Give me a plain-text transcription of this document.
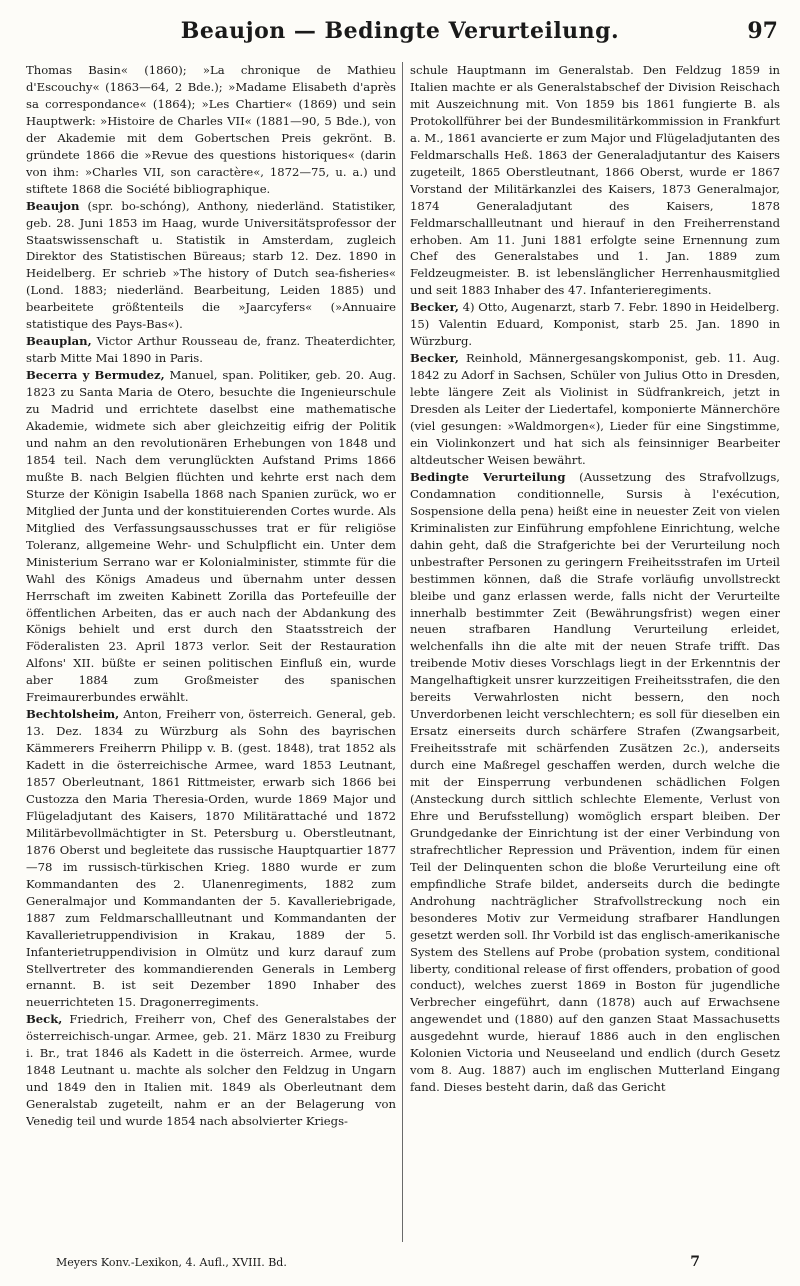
Beaujon — Bedingte Verurteilung.	97

Thomas Basin« (1860); »La chronique de Mathieu d'Escouchy« (1863—64, 2 Bde.); »Madame Elisabeth d'après sa correspondance« (1864); »Les Chartier« (1869) und sein Hauptwerk: »Histoire de Charles VII« (1881—90, 5 Bde.), von der Akademie mit dem Gobertschen Preis gekrönt. B. gründete 1866 die »Revue des questions historiques« (darin von ihm: »Charles VII, son caractère«, 1872—75, u. a.) und stiftete 1868 die Société bibliographique.

Beaujon (spr. bo-schóng), Anthony, niederländ. Statistiker, geb. 28. Juni 1853 im Haag, wurde Universitätsprofessor der Staatswissenschaft u. Statistik in Amsterdam, zugleich Direktor des Statistischen Büreaus; starb 12. Dez. 1890 in Heidelberg. Er schrieb »The history of Dutch sea-fisheries« (Lond. 1883; niederländ. Bearbeitung, Leiden 1885) und bearbeitete größtenteils die »Jaarcyfers« (»Annuaire statistique des Pays-Bas«).

Beauplan, Victor Arthur Rousseau de, franz. Theaterdichter, starb Mitte Mai 1890 in Paris.

Becerra y Bermudez, Manuel, span. Politiker, geb. 20. Aug. 1823 zu Santa Maria de Otero, besuchte die Ingenieurschule zu Madrid und errichtete daselbst eine mathematische Akademie, widmete sich aber gleichzeitig eifrig der Politik und nahm an den revolutionären Erhebungen von 1848 und 1854 teil. Nach dem verunglückten Aufstand Prims 1866 mußte B. nach Belgien flüchten und kehrte erst nach dem Sturze der Königin Isabella 1868 nach Spanien zurück, wo er Mitglied der Junta und der konstituierenden Cortes wurde. Als Mitglied des Verfassungsausschusses trat er für religiöse Toleranz, allgemeine Wehr- und Schulpflicht ein. Unter dem Ministerium Serrano war er Kolonialminister, stimmte für die Wahl des Königs Amadeus und übernahm unter dessen Herrschaft im zweiten Kabinett Zorilla das Portefeuille der öffentlichen Arbeiten, das er auch nach der Abdankung des Königs behielt und erst durch den Staatsstreich der Föderalisten 23. April 1873 verlor. Seit der Restauration Alfons' XII. büßte er seinen politischen Einfluß ein, wurde aber 1884 zum Großmeister des spanischen Freimaurerbundes erwählt.

Bechtolsheim, Anton, Freiherr von, österreich. General, geb. 13. Dez. 1834 zu Würzburg als Sohn des bayrischen Kämmerers Freiherrn Philipp v. B. (gest. 1848), trat 1852 als Kadett in die österreichische Armee, ward 1853 Leutnant, 1857 Oberleutnant, 1861 Rittmeister, erwarb sich 1866 bei Custozza den Maria Theresia-Orden, wurde 1869 Major und Flügeladjutant des Kaisers, 1870 Militärattaché und 1872 Militärbevollmächtigter in St. Petersburg u. Oberstleutnant, 1876 Oberst und begleitete das russische Hauptquartier 1877—78 im russisch-türkischen Krieg. 1880 wurde er zum Kommandanten des 2. Ulanenregiments, 1882 zum Generalmajor und Kommandanten der 5. Kavalleriebrigade, 1887 zum Feldmarschallleutnant und Kommandanten der Kavallerietruppendivision in Krakau, 1889 der 5. Infanterietruppendivision in Olmütz und kurz darauf zum Stellvertreter des kommandierenden Generals in Lemberg ernannt. B. ist seit Dezember 1890 Inhaber des neuerrichteten 15. Dragonerregiments.

Beck, Friedrich, Freiherr von, Chef des Generalstabes der österreichisch-ungar. Armee, geb. 21. März 1830 zu Freiburg i. Br., trat 1846 als Kadett in die österreich. Armee, wurde 1848 Leutnant u. machte als solcher den Feldzug in Ungarn und 1849 den in Italien mit. 1849 als Oberleutnant dem Generalstab zugeteilt, nahm er an der Belagerung von Venedig teil und wurde 1854 nach absolvierter Kriegs-

schule Hauptmann im Generalstab. Den Feldzug 1859 in Italien machte er als Generalstabschef der Division Reischach mit Auszeichnung mit. Von 1859 bis 1861 fungierte B. als Protokollführer bei der Bundesmilitärkommission in Frankfurt a. M., 1861 avancierte er zum Major und Flügeladjutanten des Feldmarschalls Heß. 1863 der Generaladjutantur des Kaisers zugeteilt, 1865 Oberstleutnant, 1866 Oberst, wurde er 1867 Vorstand der Militärkanzlei des Kaisers, 1873 Generalmajor, 1874 Generaladjutant des Kaisers, 1878 Feldmarschallleutnant und hierauf in den Freiherrenstand erhoben. Am 11. Juni 1881 erfolgte seine Ernennung zum Chef des Generalstabes und 1. Jan. 1889 zum Feldzeugmeister. B. ist lebenslänglicher Herrenhausmitglied und seit 1883 Inhaber des 47. Infanterieregiments.

Becker, 4) Otto, Augenarzt, starb 7. Febr. 1890 in Heidelberg.

15) Valentin Eduard, Komponist, starb 25. Jan. 1890 in Würzburg.

Becker, Reinhold, Männergesangskomponist, geb. 11. Aug. 1842 zu Adorf in Sachsen, Schüler von Julius Otto in Dresden, lebte längere Zeit als Violinist in Südfrankreich, jetzt in Dresden als Leiter der Liedertafel, komponierte Männerchöre (viel gesungen: »Waldmorgen«), Lieder für eine Singstimme, ein Violinkonzert und hat sich als feinsinniger Bearbeiter altdeutscher Weisen bewährt.

Bedingte Verurteilung (Aussetzung des Strafvollzugs, Condamnation conditionnelle, Sursis à l'exécution, Sospensione della pena) heißt eine in neuester Zeit von vielen Kriminalisten zur Einführung empfohlene Einrichtung, welche dahin geht, daß die Strafgerichte bei der Verurteilung noch unbestrafter Personen zu geringern Freiheitsstrafen im Urteil bestimmen können, daß die Strafe vorläufig unvollstreckt bleibe und ganz erlassen werde, falls nicht der Verurteilte innerhalb bestimmter Zeit (Bewährungsfrist) wegen einer neuen strafbaren Handlung Verurteilung erleidet, welchenfalls ihn die alte mit der neuen Strafe trifft. Das treibende Motiv dieses Vorschlags liegt in der Erkenntnis der Mangelhaftigkeit unsrer kurzzeitigen Freiheitsstrafen, die den bereits Verwahrlosten nicht bessern, den noch Unverdorbenen leicht verschlechtern; es soll für dieselben ein Ersatz einerseits durch schärfere Strafen (Zwangsarbeit, Freiheitsstrafe mit schärfenden Zusätzen 2c.), anderseits durch eine Maßregel geschaffen werden, durch welche die mit der Einsperrung verbundenen schädlichen Folgen (Ansteckung durch sittlich schlechte Elemente, Verlust von Ehre und Berufsstellung) womöglich erspart bleiben. Der Grundgedanke der Einrichtung ist der einer Verbindung von strafrechtlicher Repression und Prävention, indem für einen Teil der Delinquenten schon die bloße Verurteilung eine oft empfindliche Strafe bildet, anderseits durch die bedingte Androhung nachträglicher Strafvollstreckung noch ein besonderes Motiv zur Vermeidung strafbarer Handlungen gesetzt werden soll. Ihr Vorbild ist das englisch-amerikanische System des Stellens auf Probe (probation system, conditional liberty, conditional release of first offenders, probation of good conduct), welches zuerst 1869 in Boston für jugendliche Verbrecher eingeführt, dann (1878) auch auf Erwachsene angewendet und (1880) auf den ganzen Staat Massachusetts ausgedehnt wurde, hierauf 1886 auch in den englischen Kolonien Victoria und Neuseeland und endlich (durch Gesetz vom 8. Aug. 1887) auch im englischen Mutterland Eingang fand. Dieses besteht darin, daß das Gericht

Meyers Konv.-Lexikon, 4. Aufl., XVIII. Bd.	7
